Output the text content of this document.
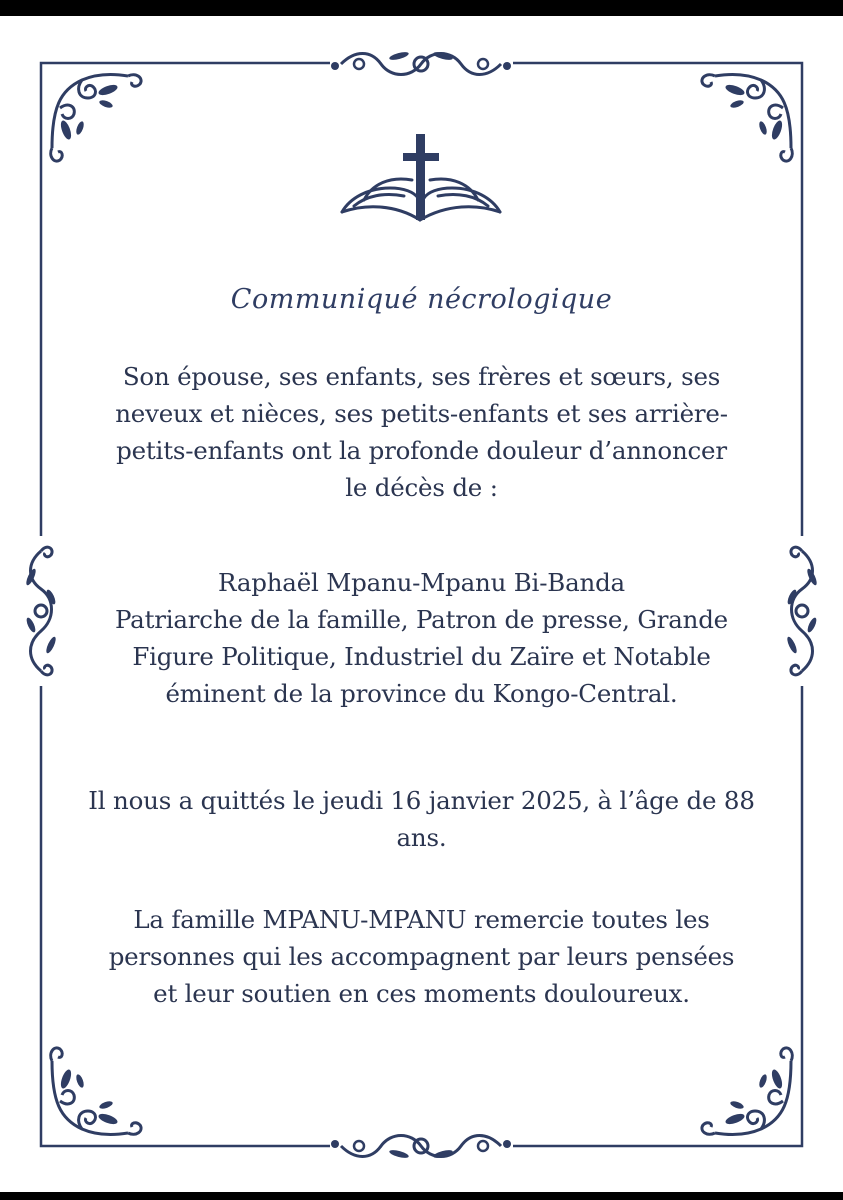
Communiqué nécrologique
Son épouse, ses enfants, ses frères et sœurs, ses
neveux et nièces, ses petits-enfants et ses arrière-
petits-enfants ont la profonde douleur d’annoncer
le décès de :
Raphaël Mpanu-Mpanu Bi-Banda
Patriarche de la famille, Patron de presse, Grande
Figure Politique, Industriel du Zaïre et Notable
éminent de la province du Kongo-Central.
Il nous a quittés le jeudi 16 janvier 2025, à l’âge de 88
ans.
La famille MPANU-MPANU remercie toutes les
personnes qui les accompagnent par leurs pensées
et leur soutien en ces moments douloureux.
